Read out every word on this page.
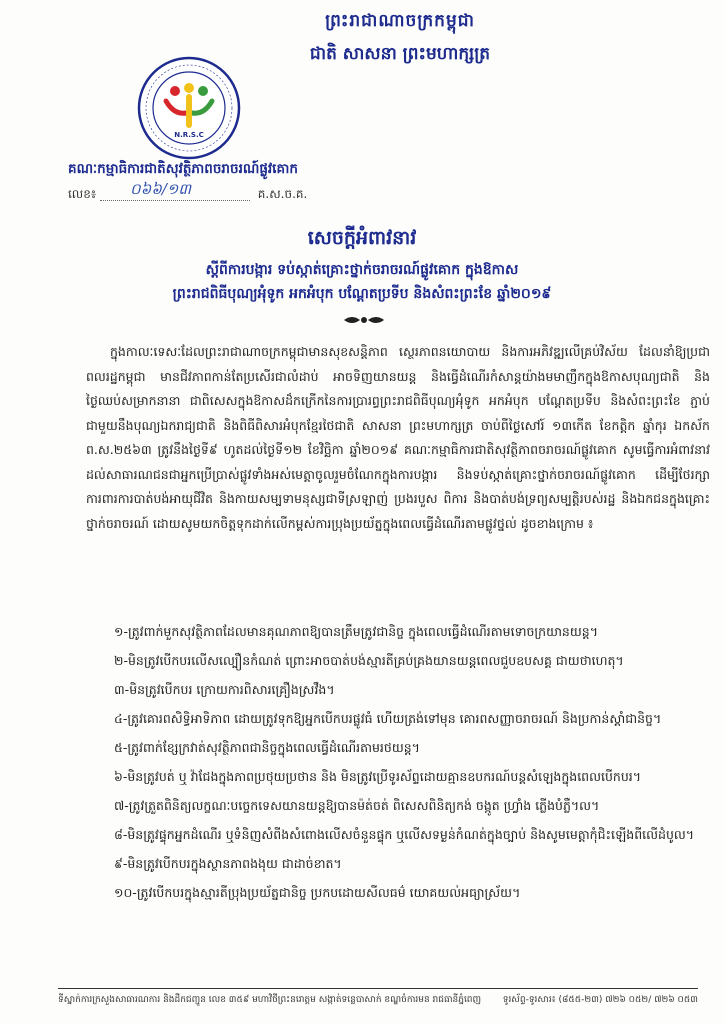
ព្រះរាជាណាចក្រកម្ពុជា
ជាតិ សាសនា ព្រះមហាក្សត្រ
N.R.S.C
គណៈកម្មាធិការជាតិសុវត្ថិភាពចរាចរណ៍ផ្លូវគោក
លេខ៖ ០៦៦/១៣	គ.ស.ច.គ.
សេចក្ដីអំពាវនាវ
ស្ដីពីការបង្ការ ទប់ស្កាត់គ្រោះថ្នាក់ចរាចរណ៍ផ្លូវគោក ក្នុងឱកាស
ព្រះរាជពិធីបុណ្យអុំទូក អកអំបុក បណ្ដែតប្រទីប និងសំពះព្រះខែ ឆ្នាំ២០១៩
ក្នុងកាលៈទេសៈដែលព្រះរាជាណាចក្រកម្ពុជាមានសុខសន្តិភាព ស្ថេរភាពនយោបាយ និងការអភិវឌ្ឍលើគ្រប់វិស័យ ដែលនាំឱ្យប្រជាពលរដ្ឋកម្ពុជា មានជីវភាពកាន់តែប្រសើរជាលំដាប់ អាចទិញយានយន្ត និងធ្វើដំណើរកំសាន្តយ៉ាងមមាញឹកក្នុងឱកាសបុណ្យជាតិ និងថ្ងៃឈប់សម្រាកនានា ជាពិសេសក្នុងឱកាសដ៏កក្រើកនៃការប្រារព្ធព្រះរាជពិធីបុណ្យអុំទូក អកអំបុក បណ្ដែតប្រទីប និងសំពះព្រះខែ ភ្ជាប់ជាមួយនឹងបុណ្យឯករាជ្យជាតិ និងពិធីពិសារអំបុកខ្មែរថៃជាតិ សាសនា ព្រះមហាក្សត្រ ចាប់ពីថ្ងៃសៅរ៍ ១៣កើត ខែកត្ដិក ឆ្នាំកុរ ឯកស័ក ព.ស.២៥៦៣ ត្រូវនឹងថ្ងៃទី៩ ហូតដល់ថ្ងៃទី១២ ខែវិច្ឆិកា ឆ្នាំ២០១៩ គណៈកម្មាធិការជាតិសុវត្ថិភាពចរាចរណ៍ផ្លូវគោក សូមធ្វើការអំពាវនាវដល់សាធារណជនជាអ្នកប្រើប្រាស់ផ្លូវទាំងអស់មេត្ដាចូលរួមចំណែកក្នុងការបង្ការ និងទប់ស្កាត់គ្រោះថ្នាក់ចរាចរណ៍ផ្លូវគោក ដើម្បីថែរក្សា ការពារការបាត់បង់អាយុជីវិត និងកាយសម្បទាមនុស្សជាទីស្រឡាញ់ ប្រងរបួស ពិការ និងបាត់បង់ទ្រព្យសម្បត្តិរបស់រដ្ឋ និងឯកជនក្នុងគ្រោះថ្នាក់ចរាចរណ៍ ដោយសូមយកចិត្តទុកដាក់លើកម្ពស់ការប្រុងប្រយ័ត្នក្នុងពេលធ្វើដំណើរតាមផ្លូវថ្នល់ ដូចខាងក្រោម ៖
១-ត្រូវពាក់មួកសុវត្ថិភាពដែលមានគុណភាពឱ្យបានត្រឹមត្រូវជានិច្ច ក្នុងពេលធ្វើដំណើរតាមទោចក្រយានយន្ត។
២-មិនត្រូវបើកបរលើសល្បឿនកំណត់ ព្រោះអាចបាត់បង់ស្មារតីគ្រប់គ្រងយានយន្តពេលជួបឧបសគ្គ ជាយថាហេតុ។
៣-មិនត្រូវបើកបរ ក្រោយការពិសារគ្រឿងស្រវឹង។
៤-ត្រូវគោរពសិទ្ធិអាទិភាព ដោយត្រូវទុកឱ្យអ្នកបើកបរផ្លូវធំ ហើយត្រង់ទៅមុន គោរពសញ្ញាចរាចរណ៍ និងប្រកាន់ស្ដាំជានិច្ច។
៥-ត្រូវពាក់ខ្សែក្រវាត់សុវត្ថិភាពជានិច្ចក្នុងពេលធ្វើដំណើរតាមរថយន្ត។
៦-មិនត្រូវបត់ ឬ វ៉ាជែងក្នុងភាពប្រថុយប្រថាន និង មិនត្រូវប្រើទូរស័ព្ទដោយគ្មានឧបករណ៍បន្តសំឡេងក្នុងពេលបើកបរ។
៧-ត្រូវត្រួតពិនិត្យលក្ខណៈបច្ចេកទេសយានយន្តឱ្យបានម៉ត់ចត់ ពិសេសពិនិត្យកង់ ចង្កូត ហ្វ្រាំង ភ្លើងបំភ្លឺ។ល។
៨-មិនត្រូវផ្ទុកអ្នកដំណើរ ឬទំនិញសំពីងសំពោងលើសចំនួនផ្ទុក ឬលើសទម្ងន់កំណត់ក្នុងច្បាប់ និងសូមមេត្ដាកុំជិះឡើងពីលើដំបូល។
៩-មិនត្រូវបើកបរក្នុងស្ថានភាពងងុយ ជាដាច់ខាត។
១០-ត្រូវបើកបរក្នុងស្មារតីប្រុងប្រយ័ត្នជានិច្ច ប្រកបដោយសីលធម៌ យោគយល់អធ្យាស្រ័យ។
ទីស្នាក់ការក្រសួងសាធារណការ និងដឹកជញ្ជូន លេខ ៣៥៩ មហាវិថីព្រះនរោត្តម សង្កាត់ទន្លេបាសាក់ ខណ្ឌចំការមន រាជធានីភ្នំពេញ ទូរស័ព្ទ-ទូរសារ៖ (៨៥៥-២៣) ៧២៦ ០៥២/ ៧២៦ ០៥៣
